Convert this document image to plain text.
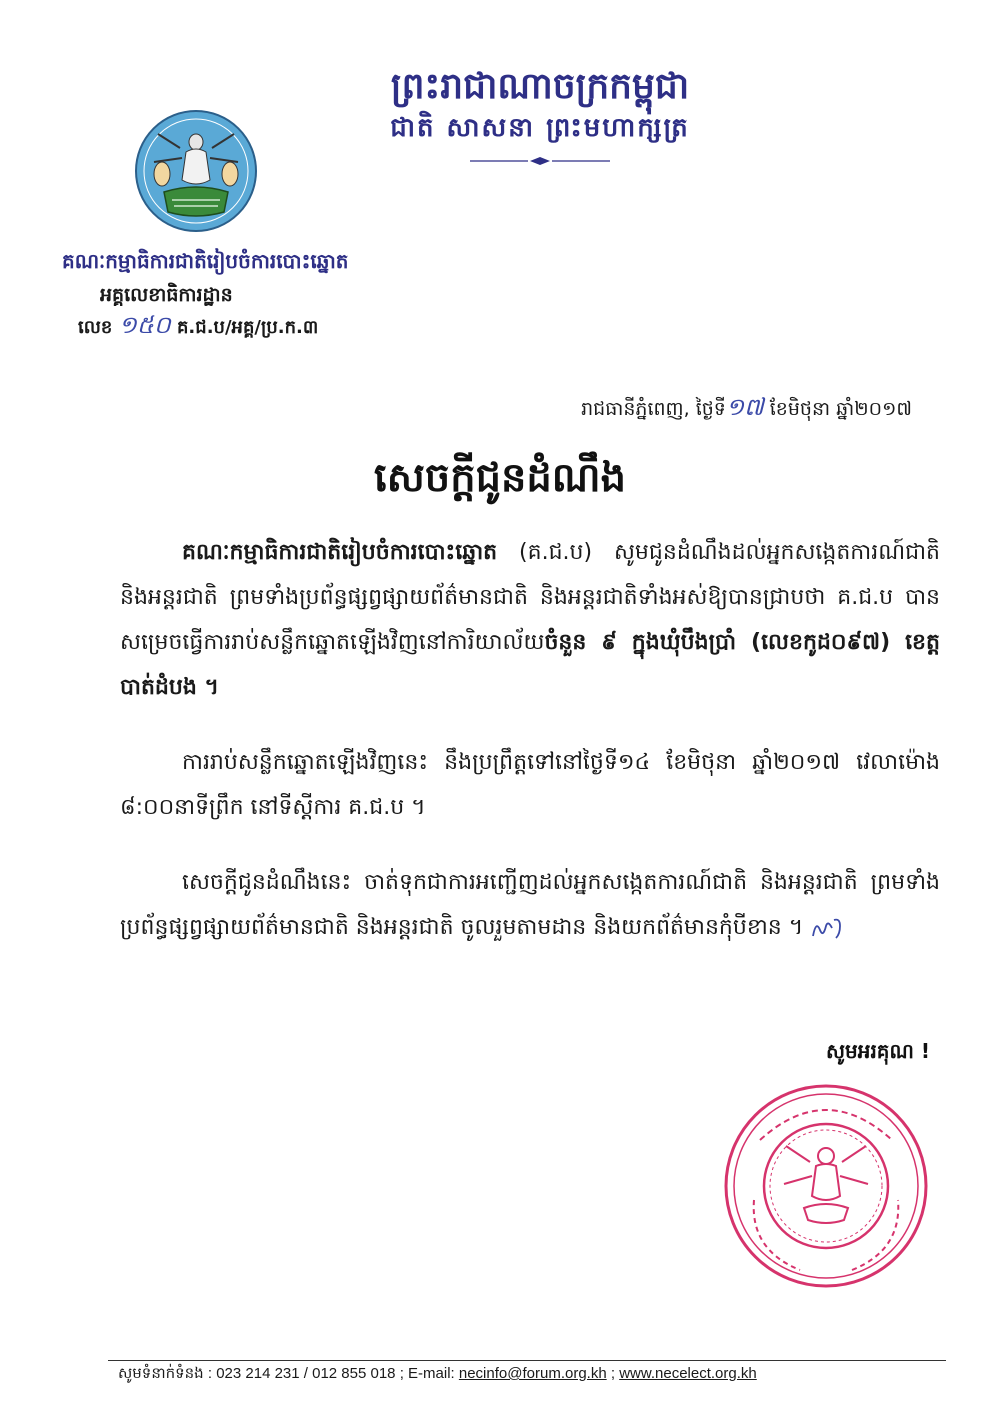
ព្រះរាជាណាចក្រកម្ពុជា
ជាតិ សាសនា ព្រះមហាក្សត្រ
គណៈកម្មាធិការជាតិរៀបចំការបោះឆ្នោត
អគ្គលេខាធិការដ្ឋាន
លេខ ១៥០ គ.ជ.ប/អគ្គ/ប្រ.ក.៣
រាជធានីភ្នំពេញ, ថ្ងៃទី១៧ ខែមិថុនា ឆ្នាំ២០១៧
សេចក្តីជូនដំណឹង

គណៈកម្មាធិការជាតិរៀបចំការបោះឆ្នោត (គ.ជ.ប) សូមជូនដំណឹងដល់អ្នកសង្កេតការណ៍ជាតិ និងអន្តរជាតិ ព្រមទាំងប្រព័ន្ធផ្សព្វផ្សាយព័ត៌មានជាតិ និងអន្តរជាតិទាំងអស់ឱ្យបានជ្រាបថា គ.ជ.ប បានសម្រេចធ្វើការរាប់សន្លឹកឆ្នោតឡើងវិញនៅការិយាល័យចំនួន ៩ ក្នុងឃុំបឹងប្រាំ (លេខកូដ០៩៧) ខេត្តបាត់ដំបង ។

ការរាប់សន្លឹកឆ្នោតឡើងវិញនេះ នឹងប្រព្រឹត្តទៅនៅថ្ងៃទី១៤ ខែមិថុនា ឆ្នាំ២០១៧ វេលាម៉ោង ៨:០០នាទីព្រឹក នៅទីស្តីការ គ.ជ.ប ។

សេចក្តីជូនដំណឹងនេះ ចាត់ទុកជាការអញ្ជើញដល់អ្នកសង្កេតការណ៍ជាតិ និងអន្តរជាតិ ព្រមទាំងប្រព័ន្ធផ្សព្វផ្សាយព័ត៌មានជាតិ និងអន្តរជាតិ ចូលរួមតាមដាន និងយកព័ត៌មានកុំបីខាន ។

សូមអរគុណ !
សូមទំនាក់ទំនង : 023 214 231 / 012 855 018 ; E-mail: necinfo@forum.org.kh ; www.necelect.org.kh
